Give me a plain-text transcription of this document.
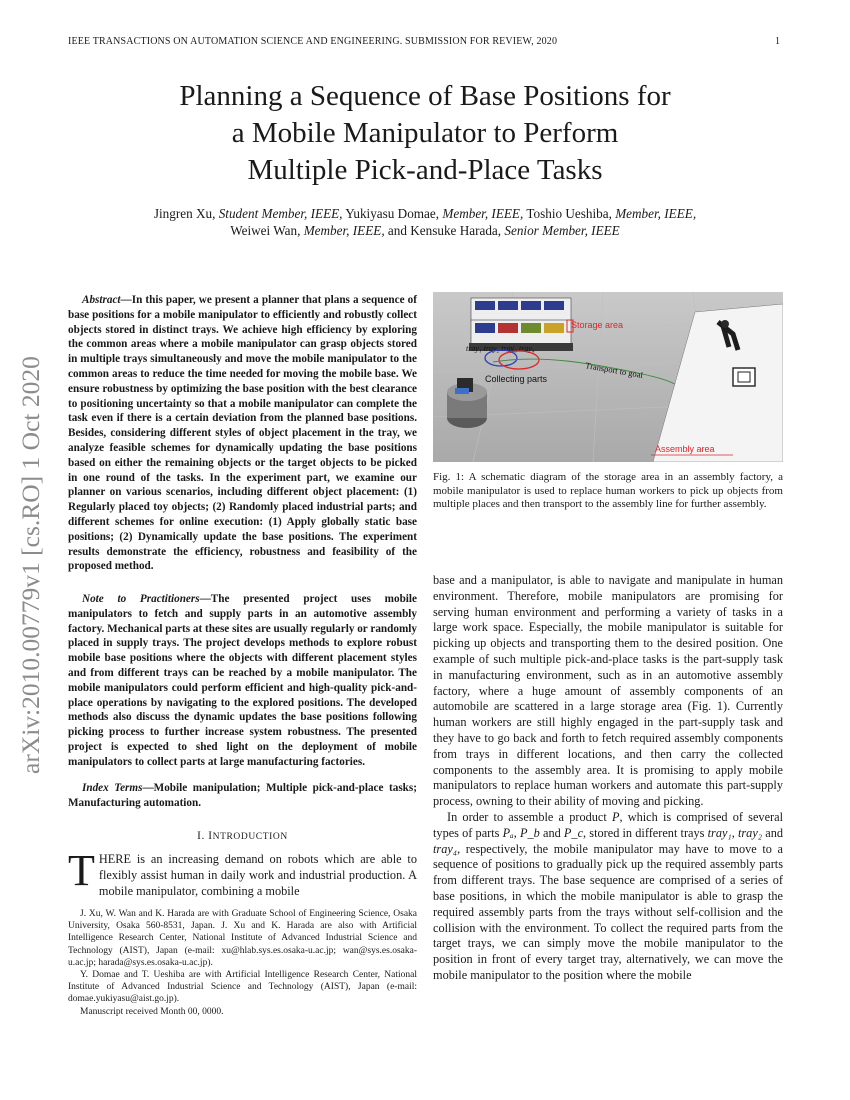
IEEE TRANSACTIONS ON AUTOMATION SCIENCE AND ENGINEERING. SUBMISSION FOR REVIEW, 2020	1
Planning a Sequence of Base Positions for
a Mobile Manipulator to Perform
Multiple Pick-and-Place Tasks
Jingren Xu, Student Member, IEEE, Yukiyasu Domae, Member, IEEE, Toshio Ueshiba, Member, IEEE,
Weiwei Wan, Member, IEEE, and Kensuke Harada, Senior Member, IEEE
arXiv:2010.00779v1 [cs.RO] 1 Oct 2020

Abstract—In this paper, we present a planner that plans a sequence of base positions for a mobile manipulator to efficiently and robustly collect objects stored in distinct trays. We achieve high efficiency by exploring the common areas where a mobile manipulator can grasp objects stored in multiple trays simultaneously and move the mobile manipulator to the common areas to reduce the time needed for moving the mobile base. We ensure robustness by optimizing the base position with the best clearance to positioning uncertainty so that a mobile manipulator can complete the task even if there is a certain deviation from the planned base positions. Besides, considering different styles of object placement in the tray, we analyze feasible schemes for dynamically updating the base positions based on either the remaining objects or the target objects to be picked in one round of the tasks. In the experiment part, we examine our planner on various scenarios, including different object placement: (1) Regularly placed toy objects; (2) Randomly placed industrial parts; and different schemes for online execution: (1) Apply globally static base positions; (2) Dynamically update the base positions. The experiment results demonstrate the efficiency, robustness and feasibility of the proposed method.

Note to Practitioners—The presented project uses mobile manipulators to fetch and supply parts in an automotive assembly factory. Mechanical parts at these sites are usually regularly or randomly placed in supply trays. The project develops methods to explore robust mobile base positions where the objects with different placement styles and from different trays can be reached by a mobile manipulator. The mobile manipulators could perform efficient and high-quality pick-and-place operations by navigating to the explored positions. The developed methods also discuss the dynamic updates the base positions following picking process to further increase system robustness. The presented project is expected to shed light on the deployment of mobile manipulators to collect parts at large manufacturing factories.

Index Terms—Mobile manipulation; Multiple pick-and-place tasks; Manufacturing automation.

I. INTRODUCTION
THERE is an increasing demand on robots which are able to flexibly assist human in daily work and industrial production. A mobile manipulator, combining a mobile

J. Xu, W. Wan and K. Harada are with Graduate School of Engineering Science, Osaka University, Osaka 560-8531, Japan. J. Xu and K. Harada are also with Artificial Intelligence Research Center, National Institute of Advanced Industrial Science and Technology (AIST), Japan (e-mail: xu@hlab.sys.es.osaka-u.ac.jp; wan@sys.es.osaka-u.ac.jp; harada@sys.es.osaka-u.ac.jp).

Y. Domae and T. Ueshiba are with Artificial Intelligence Research Center, National Institute of Advanced Industrial Science and Technology (AIST), Japan (e-mail: domae.yukiyasu@aist.go.jp).

Manuscript received Month 00, 0000.

Storage area
tray₁ tray₂ tray₃ tray₄
Transport to goal
Collecting parts
Assembly area
Fig. 1: A schematic diagram of the storage area in an assembly factory, a mobile manipulator is used to replace human workers to pick up objects from multiple places and then transport to the assembly line for further assembly.

base and a manipulator, is able to navigate and manipulate in human environment. Therefore, mobile manipulators are promising for serving human environment and performing a variety of tasks in a large work space. Especially, the mobile manipulator is suitable for picking up objects and transporting them to the desired position. One example of such multiple pick-and-place tasks is the part-supply task in manufacturing environment, such as in an automotive assembly factory, where a huge amount of assembly components of an automobile are scattered in a large storage area (Fig. 1). Currently human workers are still highly engaged in the part-supply task and they have to go back and forth to fetch required assembly components from trays in different locations, and then carry the collected components to the assembly area. It is promising to apply mobile manipulators to replace human workers and automate this part-supply process, owning to their ability of moving and picking.

In order to assemble a product P, which is comprised of several types of parts Pₐ, P_b and P_c, stored in different trays tray₁, tray₂ and tray₄, respectively, the mobile manipulator may have to move to a sequence of positions to gradually pick up the required assembly parts from different trays. The base sequence are comprised of a series of base positions, in which the mobile manipulator is able to grasp the required assembly parts from the trays without self-collision and the collision with the environment. To collect the required parts from the target trays, we can simply move the mobile manipulator to the position in front of every target tray, alternatively, we can move the mobile manipulator to the position where the mobile
